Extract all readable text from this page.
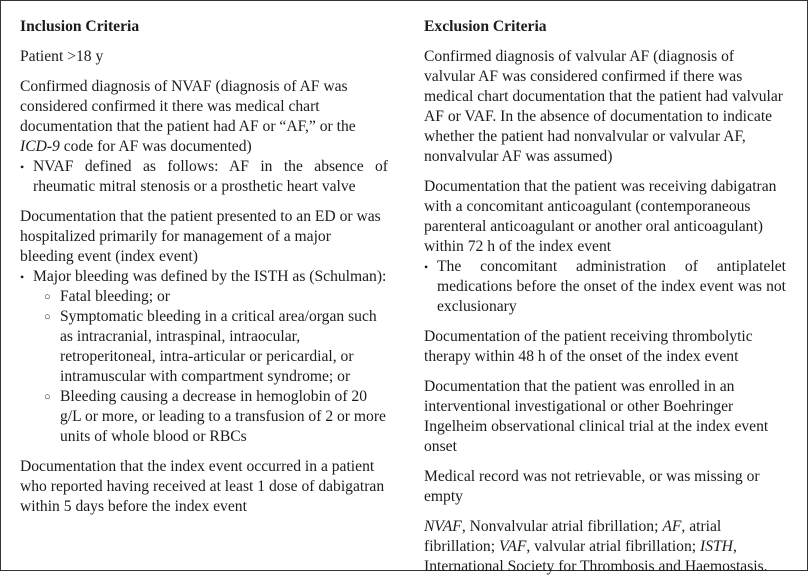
Inclusion Criteria
Patient >18 y
Confirmed diagnosis of NVAF (diagnosis of AF was considered confirmed it there was medical chart documentation that the patient had AF or “AF,” or the ICD-9 code for AF was documented)
• NVAF defined as follows: AF in the absence of rheumatic mitral stenosis or a prosthetic heart valve
Documentation that the patient presented to an ED or was hospitalized primarily for management of a major bleeding event (index event)
• Major bleeding was defined by the ISTH as (Schulman):
○ Fatal bleeding; or
○ Symptomatic bleeding in a critical area/organ such as intracranial, intraspinal, intraocular, retroperitoneal, intra-articular or pericardial, or intramuscular with compartment syndrome; or
○ Bleeding causing a decrease in hemoglobin of 20 g/L or more, or leading to a transfusion of 2 or more units of whole blood or RBCs
Documentation that the index event occurred in a patient who reported having received at least 1 dose of dabigatran within 5 days before the index event
Exclusion Criteria
Confirmed diagnosis of valvular AF (diagnosis of valvular AF was considered confirmed if there was medical chart documentation that the patient had valvular AF or VAF. In the absence of documentation to indicate whether the patient had nonvalvular or valvular AF, nonvalvular AF was assumed)
Documentation that the patient was receiving dabigatran with a concomitant anticoagulant (contemporaneous parenteral anticoagulant or another oral anticoagulant) within 72 h of the index event
• The concomitant administration of antiplatelet medications before the onset of the index event was not exclusionary
Documentation of the patient receiving thrombolytic therapy within 48 h of the onset of the index event
Documentation that the patient was enrolled in an interventional investigational or other Boehringer Ingelheim observational clinical trial at the index event onset
Medical record was not retrievable, or was missing or empty
NVAF, Nonvalvular atrial fibrillation; AF, atrial fibrillation; VAF, valvular atrial fibrillation; ISTH, International Society for Thrombosis and Haemostasis.
